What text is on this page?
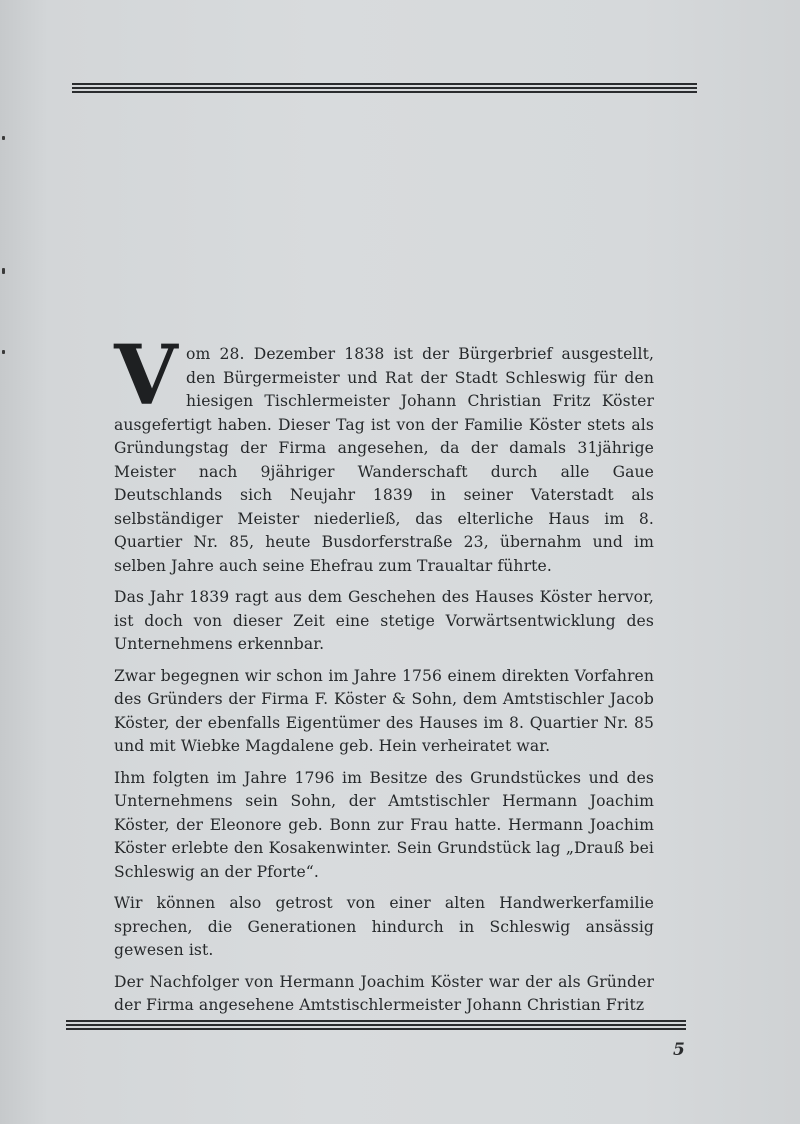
V om 28. Dezember 1838 ist der Bürgerbrief ausgestellt, den Bürgermeister und Rat der Stadt Schleswig für den hiesigen Tischlermeister Johann Christian Fritz Köster ausgefertigt haben. Dieser Tag ist von der Familie Köster stets als Gründungstag der Firma angesehen, da der damals 31jährige Meister nach 9jähriger Wanderschaft durch alle Gaue Deutschlands sich Neujahr 1839 in seiner Vaterstadt als selbständiger Meister niederließ, das elterliche Haus im 8. Quartier Nr. 85, heute Busdorferstraße 23, übernahm und im selben Jahre auch seine Ehefrau zum Traualtar führte.

Das Jahr 1839 ragt aus dem Geschehen des Hauses Köster hervor, ist doch von dieser Zeit eine stetige Vorwärtsentwicklung des Unternehmens erkennbar.

Zwar begegnen wir schon im Jahre 1756 einem direkten Vorfahren des Gründers der Firma F. Köster & Sohn, dem Amtstischler Jacob Köster, der ebenfalls Eigentümer des Hauses im 8. Quartier Nr. 85 und mit Wiebke Magdalene geb. Hein verheiratet war.

Ihm folgten im Jahre 1796 im Besitze des Grundstückes und des Unternehmens sein Sohn, der Amtstischler Hermann Joachim Köster, der Eleonore geb. Bonn zur Frau hatte. Hermann Joachim Köster erlebte den Kosakenwinter. Sein Grundstück lag „Drauß bei Schleswig an der Pforte“.

Wir können also getrost von einer alten Handwerkerfamilie sprechen, die Generationen hindurch in Schleswig ansässig gewesen ist.

Der Nachfolger von Hermann Joachim Köster war der als Gründer der Firma angesehene Amtstischlermeister Johann Christian Fritz

5
